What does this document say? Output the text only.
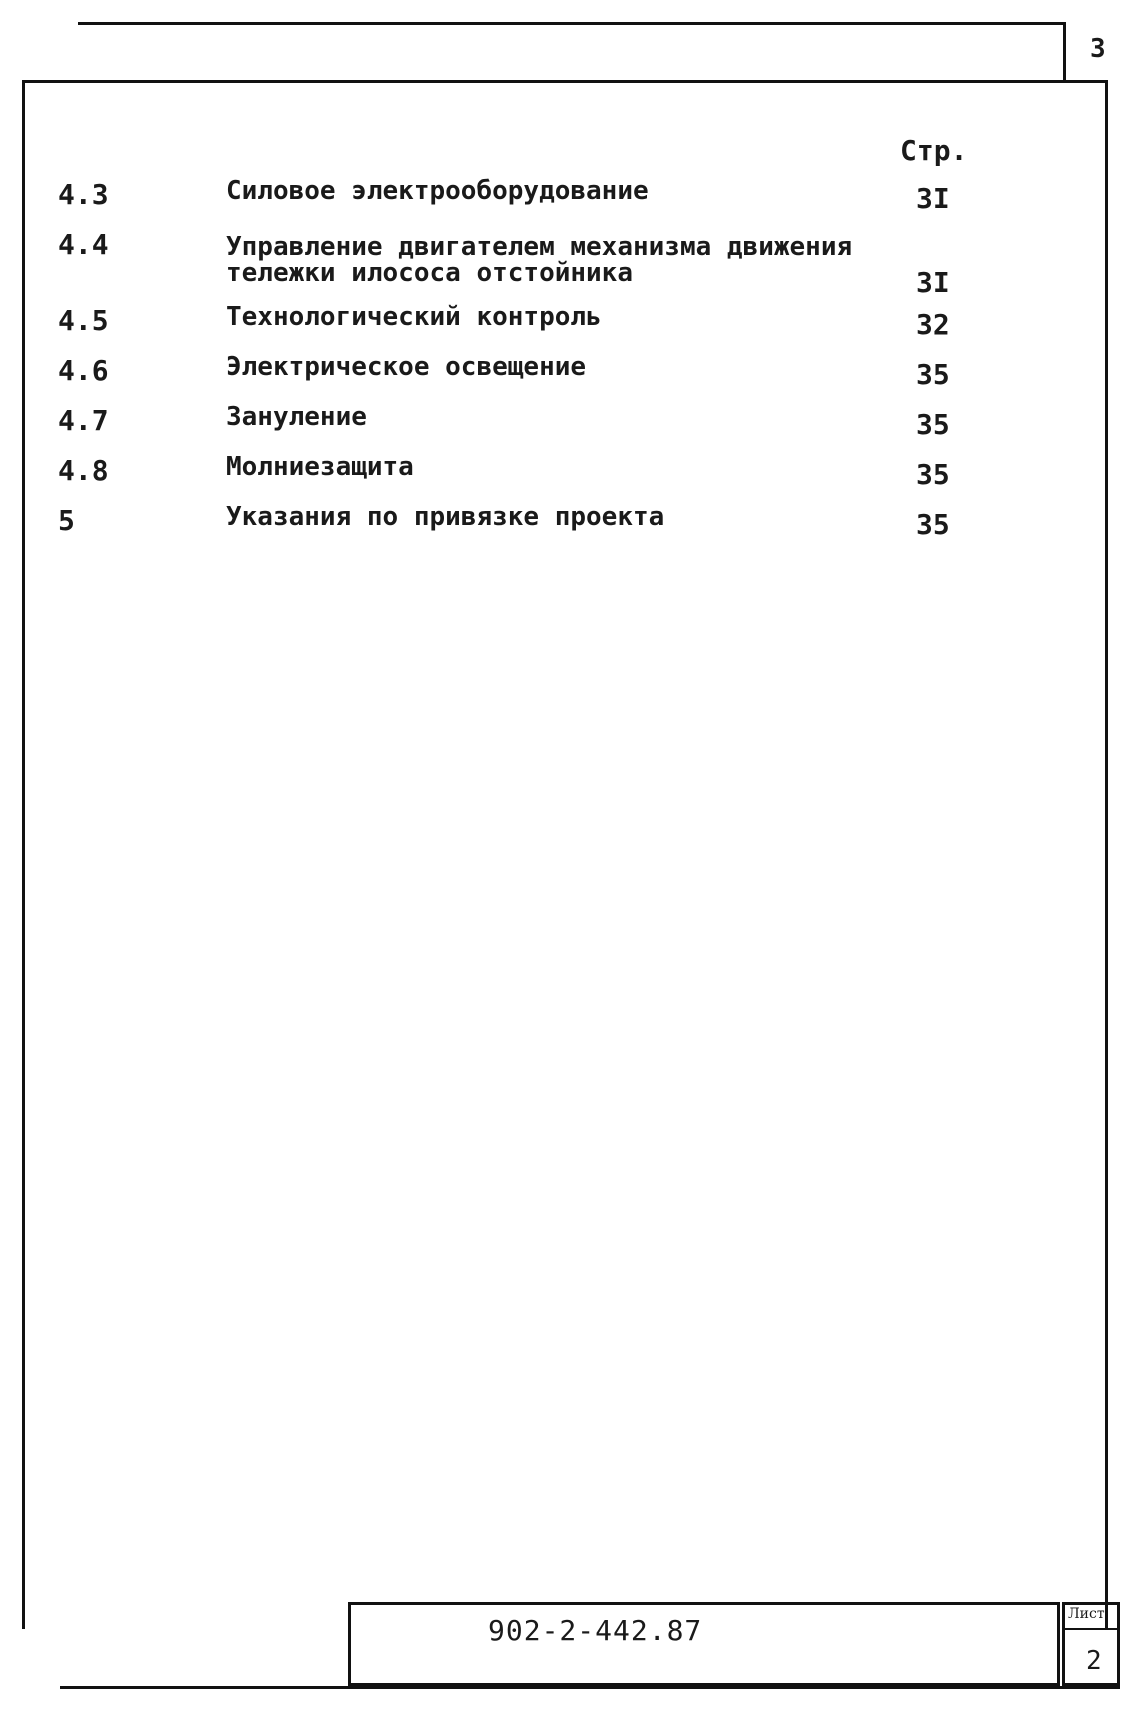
3
Стр.
4.3	Силовое электрооборудование	3I
4.4	Управление двигателем механизма движения
тележки илососа отстойника	3I
4.5	Технологический контроль	32
4.6	Электрическое освещение	35
4.7	Зануление	35
4.8	Молниезащита	35
5	Указания по привязке проекта	35
902-2-442.87	Лист
2
